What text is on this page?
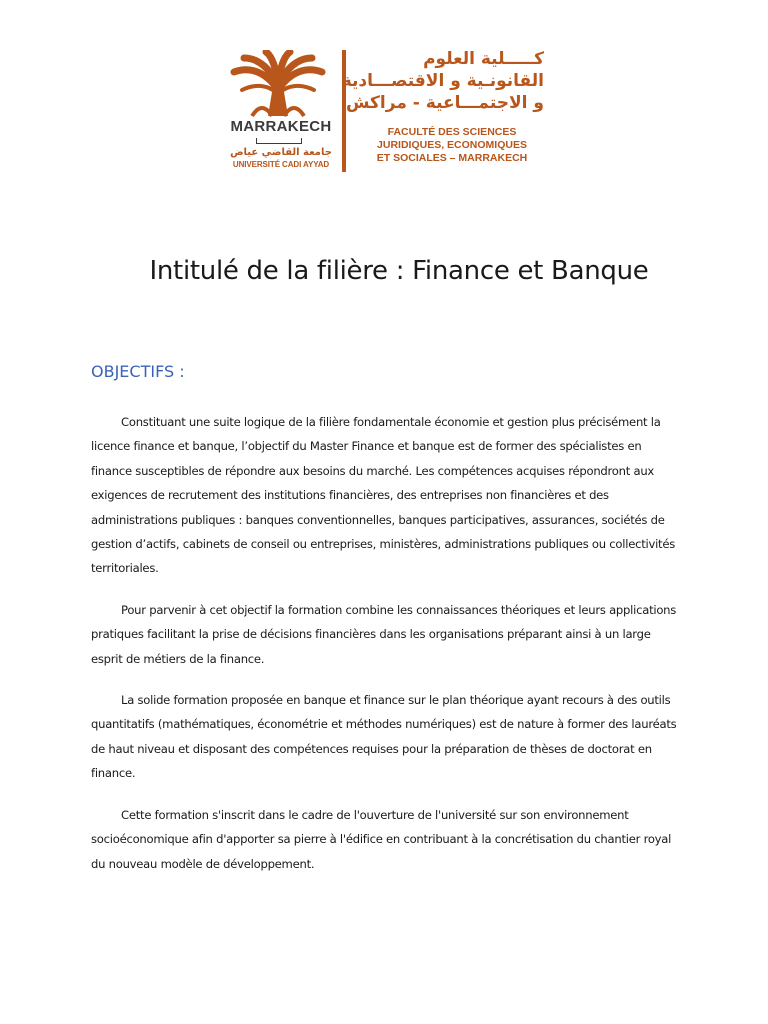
MARRAKECH
جامعة القاضي عياض
UNIVERSITÉ CADI AYYAD
كـــــلية العلوم
القانونـية و الاقتصـــادية
و الاجتمـــاعية - مراكش
FACULTÉ DES SCIENCES
JURIDIQUES, ECONOMIQUES
ET SOCIALES – MARRAKECH
Intitulé de la filière : Finance et Banque
OBJECTIFS :

Constituant une suite logique de la filière fondamentale économie et gestion plus précisément la licence finance et banque, l’objectif du Master Finance et banque est de former des spécialistes en finance susceptibles de répondre aux besoins du marché. Les compétences acquises répondront aux exigences de recrutement des institutions financières, des entreprises non financières et des administrations publiques : banques conventionnelles, banques participatives, assurances, sociétés de gestion d’actifs, cabinets de conseil ou entreprises, ministères, administrations publiques ou collectivités territoriales.

Pour parvenir à cet objectif la formation combine les connaissances théoriques et leurs applications pratiques facilitant la prise de décisions financières dans les organisations préparant ainsi à un large esprit de métiers de la finance.

La solide formation proposée en banque et finance sur le plan théorique ayant recours à des outils quantitatifs (mathématiques, économétrie et méthodes numériques) est de nature à former des lauréats de haut niveau et disposant des compétences requises pour la préparation de thèses de doctorat en finance.

Cette formation s'inscrit dans le cadre de l'ouverture de l'université sur son environnement socioéconomique afin d'apporter sa pierre à l'édifice en contribuant à la concrétisation du chantier royal du nouveau modèle de développement.
